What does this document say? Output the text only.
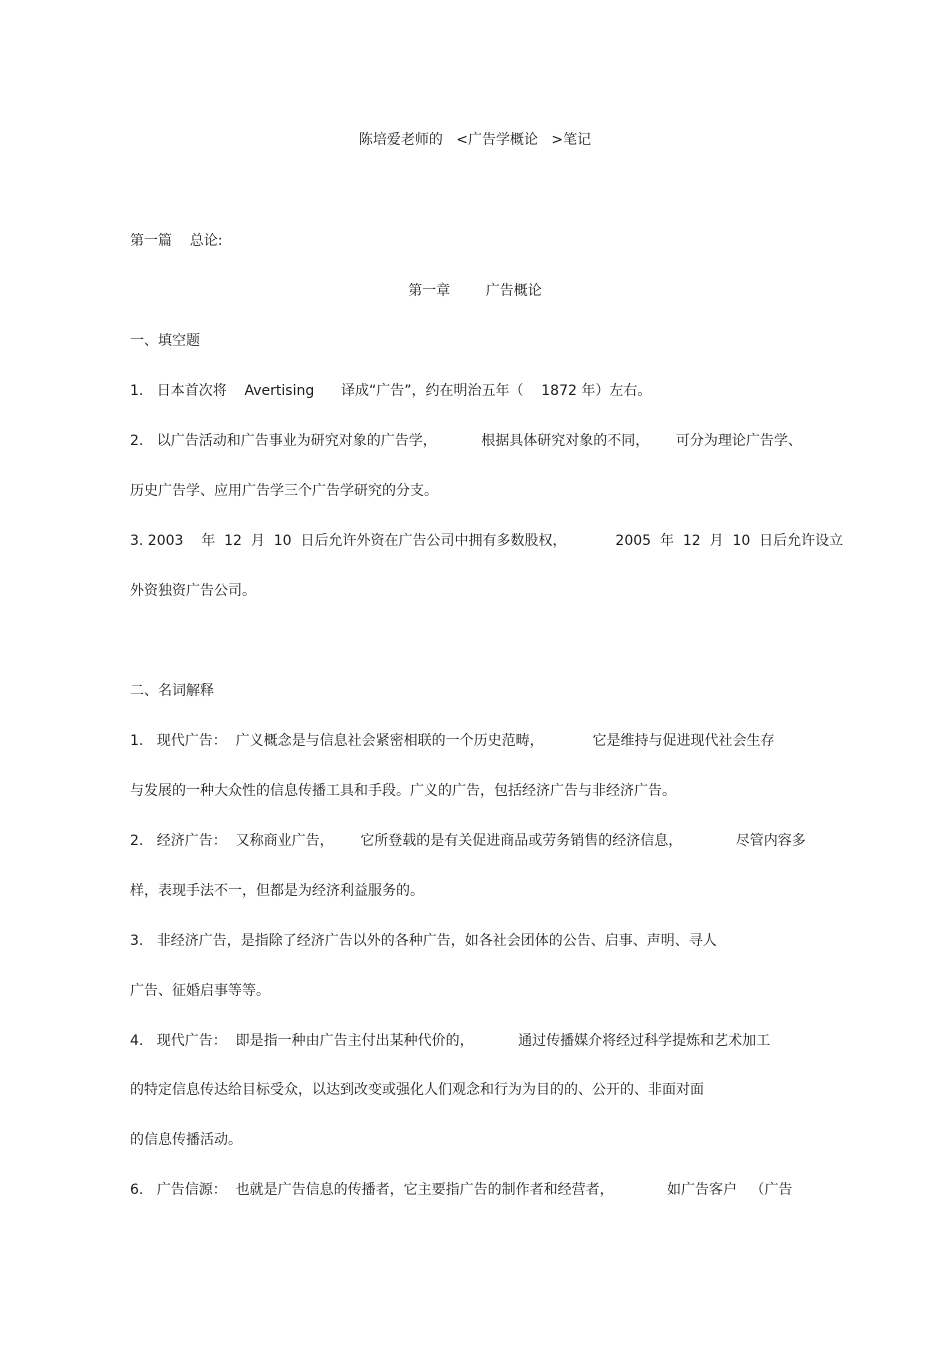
陈培爱老师的   <广告学概论   >笔记
第一篇    总论:
第一章        广告概论
一、填空题
1.   日本首次将    Avertising      译成“广告”，约在明治五年（    1872 年）左右。
2.   以广告活动和广告事业为研究对象的广告学，          根据具体研究对象的不同，      可分为理论广告学、
历史广告学、应用广告学三个广告学研究的分支。
3. 2003    年  12  月  10  日后允许外资在广告公司中拥有多数股权，           2005  年  12  月  10  日后允许设立
外资独资广告公司。
二、名词解释
1.   现代广告：  广义概念是与信息社会紧密相联的一个历史范畴，           它是维持与促进现代社会生存
与发展的一种大众性的信息传播工具和手段。广义的广告，包括经济广告与非经济广告。
2.   经济广告：  又称商业广告，      它所登载的是有关促进商品或劳务销售的经济信息，            尽管内容多
样，表现手法不一，但都是为经济利益服务的。
3.   非经济广告，是指除了经济广告以外的各种广告，如各社会团体的公告、启事、声明、寻人
广告、征婚启事等等。
4.   现代广告：  即是指一种由广告主付出某种代价的，          通过传播媒介将经过科学提炼和艺术加工
的特定信息传达给目标受众，以达到改变或强化人们观念和行为为目的的、公开的、非面对面
的信息传播活动。
6.   广告信源：  也就是广告信息的传播者，它主要指广告的制作者和经营者，            如广告客户   （广告
